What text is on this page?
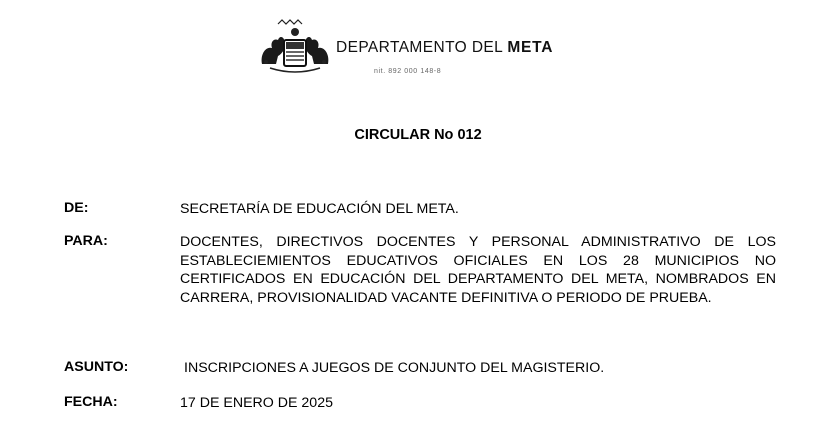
DEPARTAMENTO DEL META
nit. 892 000 148-8
CIRCULAR No 012
DE:	SECRETARÍA DE EDUCACIÓN DEL META.
PARA:	DOCENTES, DIRECTIVOS DOCENTES Y PERSONAL ADMINISTRATIVO DE LOS ESTABLECIEMIENTOS EDUCATIVOS OFICIALES EN LOS 28 MUNICIPIOS NO CERTIFICADOS EN EDUCACIÓN DEL DEPARTAMENTO DEL META, NOMBRADOS EN CARRERA, PROVISIONALIDAD VACANTE DEFINITIVA O PERIODO DE PRUEBA.
ASUNTO:	INSCRIPCIONES A JUEGOS DE CONJUNTO DEL MAGISTERIO.
FECHA:	17 DE ENERO DE 2025
